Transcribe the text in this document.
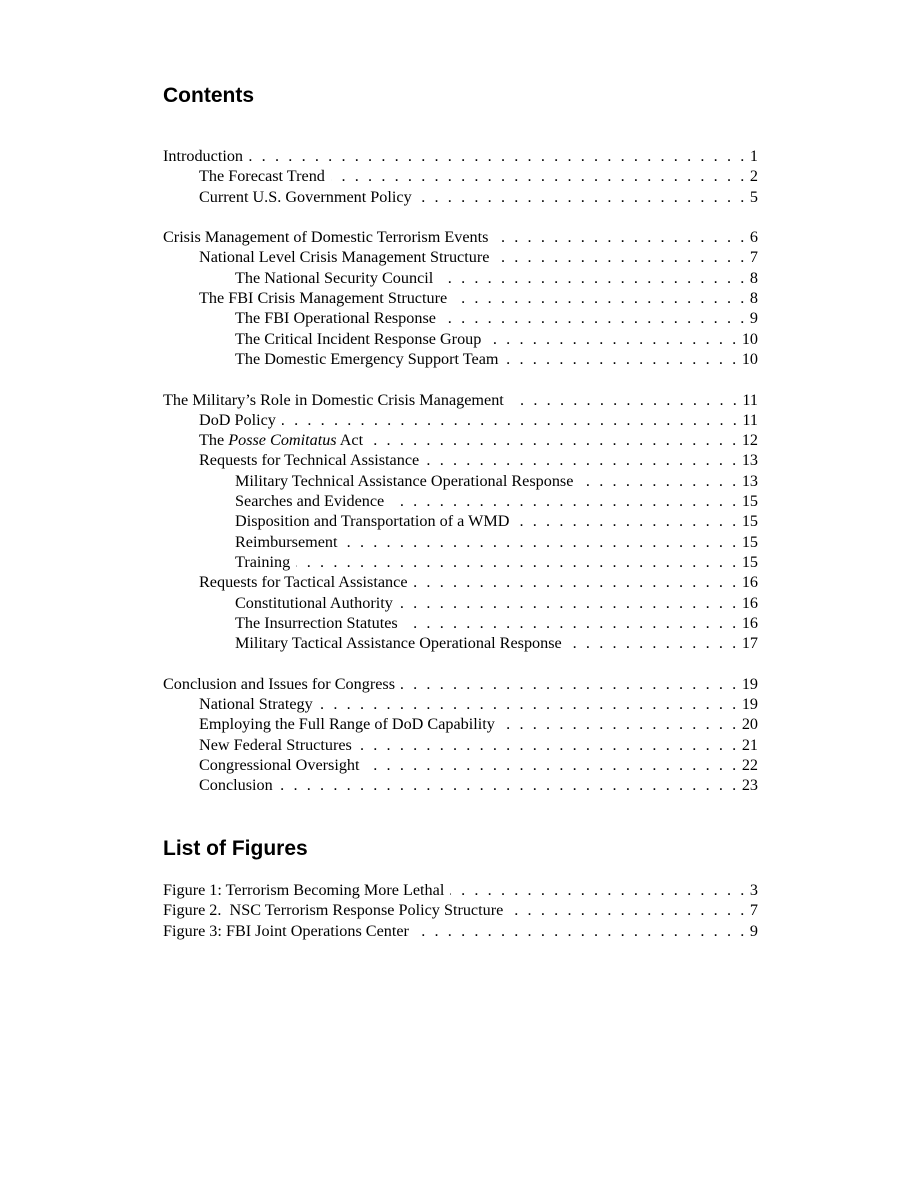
Contents
Introduction . . .	1
The Forecast Trend . . .	2
Current U.S. Government Policy . . .	5
Crisis Management of Domestic Terrorism Events . . .	6
National Level Crisis Management Structure . . .	7
The National Security Council . . .	8
The FBI Crisis Management Structure . . .	8
The FBI Operational Response . . .	9
The Critical Incident Response Group . . .	10
The Domestic Emergency Support Team . . .	10
The Military’s Role in Domestic Crisis Management . . .	11
DoD Policy . . .	11
The Posse Comitatus Act . . .	12
Requests for Technical Assistance . . .	13
Military Technical Assistance Operational Response . . .	13
Searches and Evidence . . .	15
Disposition and Transportation of a WMD . . .	15
Reimbursement . . .	15
Training . . .	15
Requests for Tactical Assistance . . .	16
Constitutional Authority . . .	16
The Insurrection Statutes . . .	16
Military Tactical Assistance Operational Response . . .	17
Conclusion and Issues for Congress . . .	19
National Strategy . . .	19
Employing the Full Range of DoD Capability . . .	20
New Federal Structures . . .	21
Congressional Oversight . . .	22
Conclusion . . .	23
List of Figures
Figure 1: Terrorism Becoming More Lethal . . .	3
Figure 2.  NSC Terrorism Response Policy Structure . . .	7
Figure 3: FBI Joint Operations Center . . .	9
